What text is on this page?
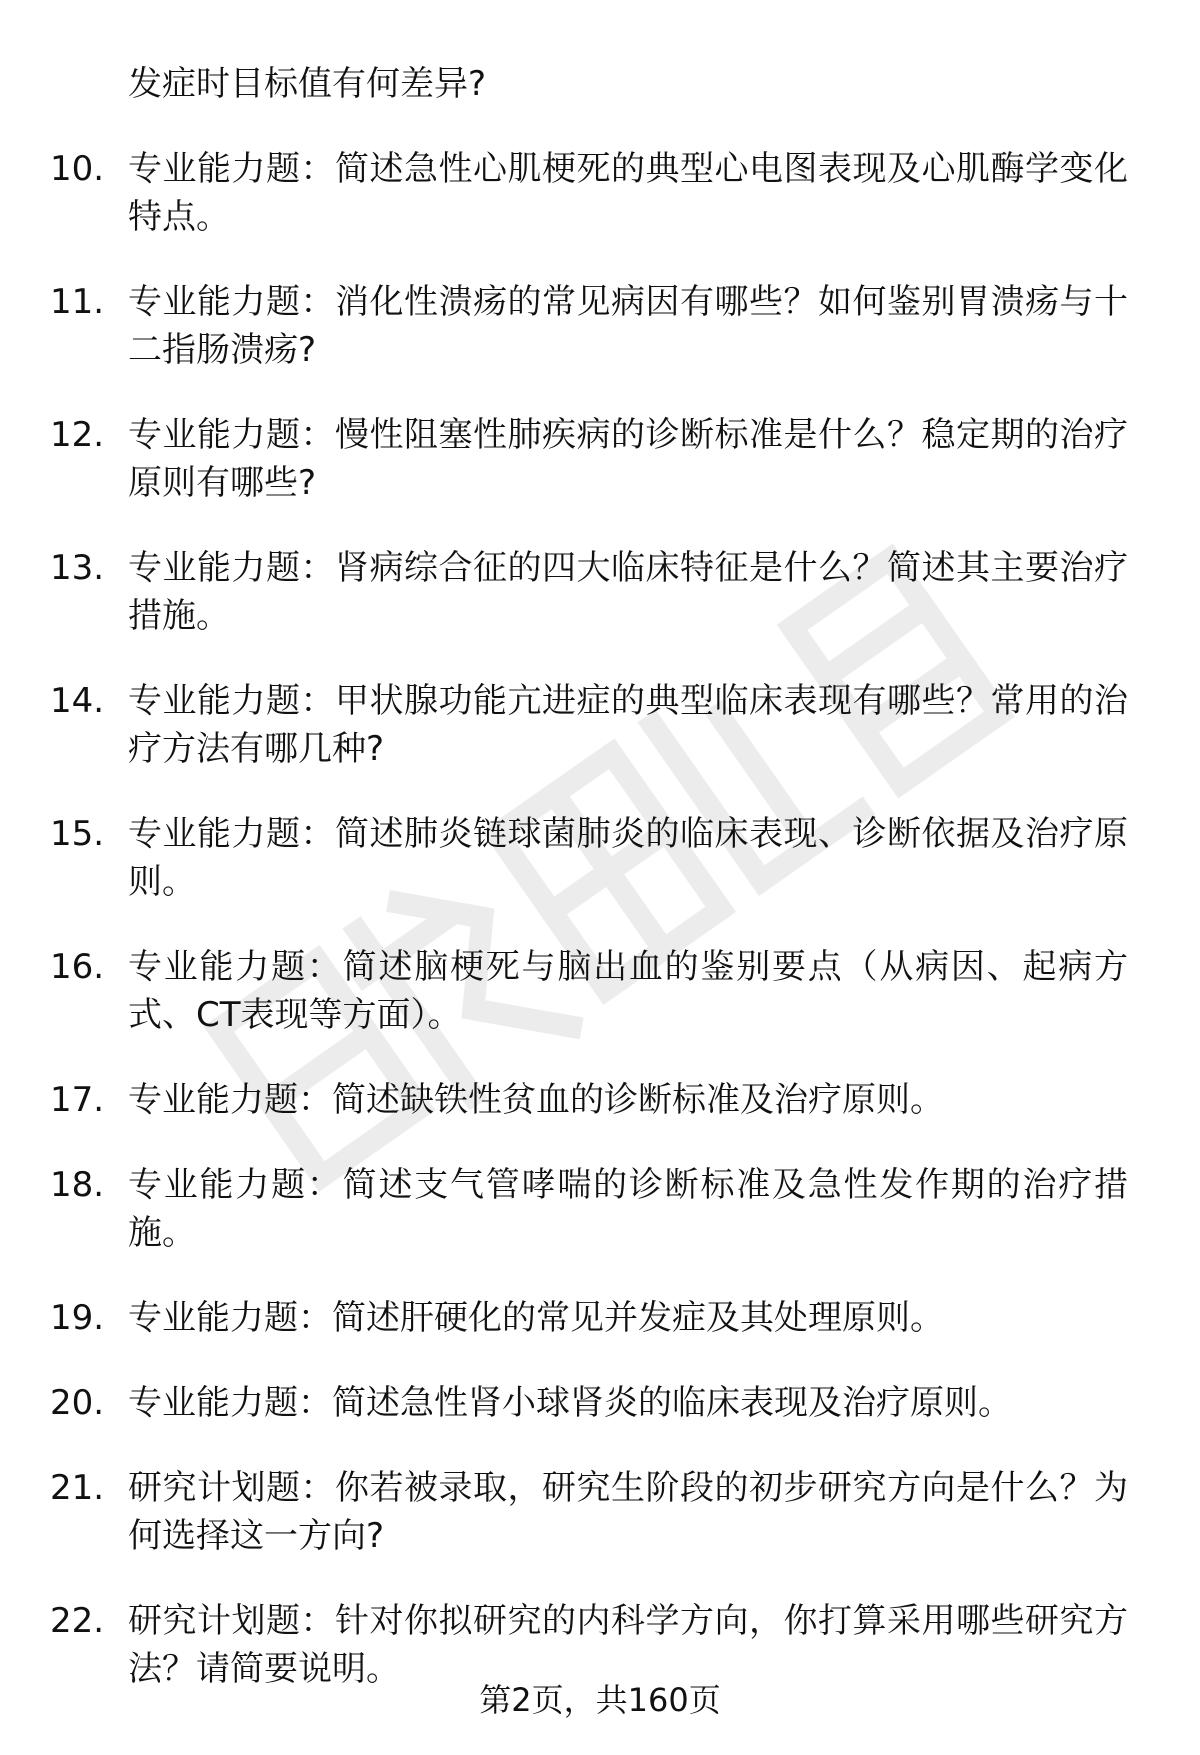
发症时目标值有何差异?
10. 专业能力题：简述急性心肌梗死的典型心电图表现及心肌酶学变化特点。
11. 专业能力题：消化性溃疡的常见病因有哪些？如何鉴别胃溃疡与十二指肠溃疡?
12. 专业能力题：慢性阻塞性肺疾病的诊断标准是什么？稳定期的治疗原则有哪些?
13. 专业能力题：肾病综合征的四大临床特征是什么？简述其主要治疗措施。
14. 专业能力题：甲状腺功能亢进症的典型临床表现有哪些？常用的治疗方法有哪几种?
15. 专业能力题：简述肺炎链球菌肺炎的临床表现、诊断依据及治疗原则。
16. 专业能力题：简述脑梗死与脑出血的鉴别要点（从病因、起病方式、CT表现等方面）。
17. 专业能力题：简述缺铁性贫血的诊断标准及治疗原则。
18. 专业能力题：简述支气管哮喘的诊断标准及急性发作期的治疗措施。
19. 专业能力题：简述肝硬化的常见并发症及其处理原则。
20. 专业能力题：简述急性肾小球肾炎的临床表现及治疗原则。
21. 研究计划题：你若被录取，研究生阶段的初步研究方向是什么？为何选择这一方向?
22. 研究计划题：针对你拟研究的内科学方向，你打算采用哪些研究方法？请简要说明。
第2页，共160页
